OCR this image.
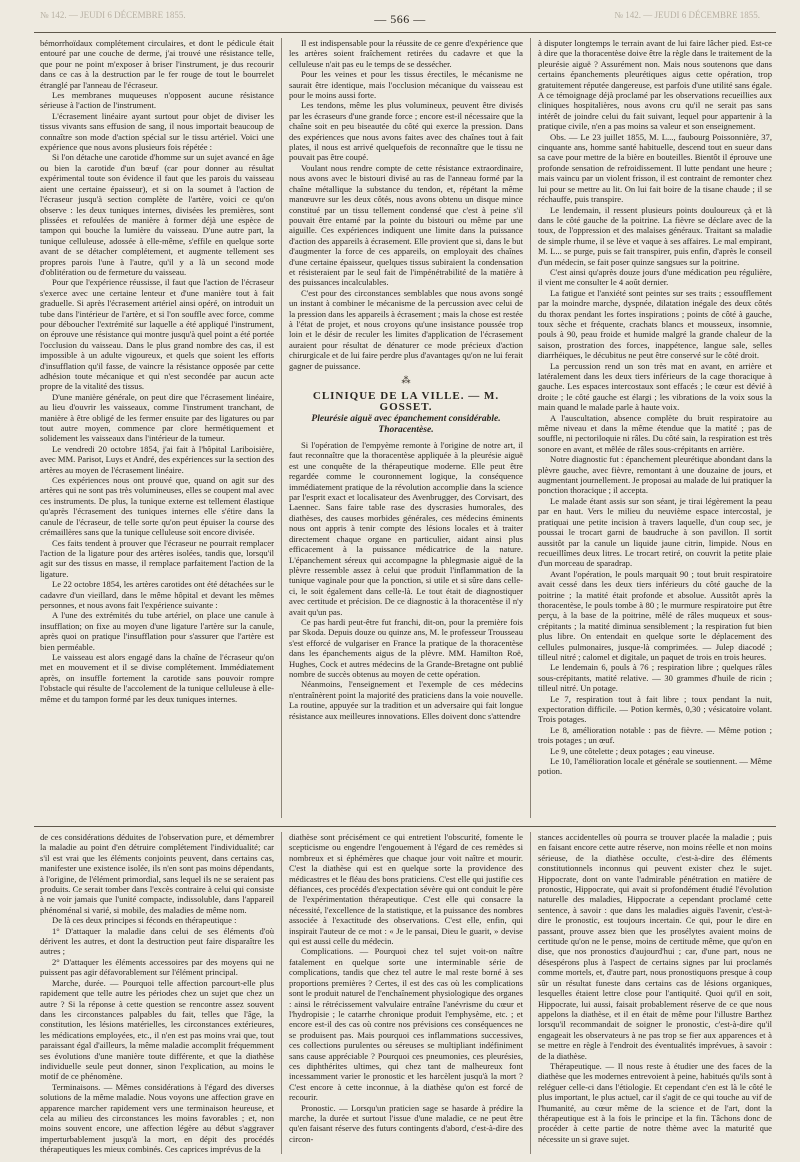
№ 142. — JEUDI 6 DÉCEMBRE 1855.	— 566 —	№ 142. — JEUDI 6 DÉCEMBRE 1855.

bémorrhoïdaux complétement circulaires, et dont le pédicule était entouré par une couche de derme, j'ai trouvé une résistance telle, que pour ne point m'exposer à briser l'instrument, je dus recourir dans ce cas à la destruction par le fer rouge de tout le bourrelet étranglé par l'anneau de l'écraseur.

Les membranes muqueuses n'opposent aucune résistance sérieuse à l'action de l'instrument.

L'écrasement linéaire ayant surtout pour objet de diviser les tissus vivants sans effusion de sang, il nous importait beaucoup de connaître son mode d'action spécial sur le tissu artériel. Voici une expérience que nous avons plusieurs fois répétée :

Si l'on détache une carotide d'homme sur un sujet avancé en âge ou bien la carotide d'un bœuf (car pour donner au résultat expérimental toute son évidence il faut que les parois du vaisseau aient une certaine épaisseur), et si on la soumet à l'action de l'écraseur jusqu'à section complète de l'artère, voici ce qu'on observe : les deux tuniques internes, divisées les premières, sont plissées et refoulées de manière à former déjà une espèce de tampon qui bouche la lumière du vaisseau. D'une autre part, la tunique celluleuse, adossée à elle-même, s'effile en quelque sorte avant de se détacher complétement, et augmente tellement ses propres parois l'une à l'autre, qu'il y a là un second mode d'oblitération ou de fermeture du vaisseau.

Pour que l'expérience réussisse, il faut que l'action de l'écraseur s'exerce avec une certaine lenteur et d'une manière tout à fait graduelle. Si après l'écrasement artériel ainsi opéré, on introduit un tube dans l'intérieur de l'artère, et si l'on souffle avec force, comme pour déboucher l'extrémité sur laquelle a été appliqué l'instrument, on éprouve une résistance qui montre jusqu'à quel point a été portée l'occlusion du vaisseau. Dans le plus grand nombre des cas, il est impossible à un adulte vigoureux, et quels que soient les efforts d'insufflation qu'il fasse, de vaincre la résistance opposée par cette adhésion toute mécanique et qui n'est secondée par aucun acte propre de la vitalité des tissus.

D'une manière générale, on peut dire que l'écrasement linéaire, au lieu d'ouvrir les vaisseaux, comme l'instrument tranchant, de manière à être obligé de les fermer ensuite par des ligatures ou par tout autre moyen, commence par clore hermétiquement et solidement les vaisseaux dans l'intérieur de la tumeur.

Le vendredi 20 octobre 1854, j'ai fait à l'hôpital Lariboisière, avec MM. Parisot, Luys et André, des expériences sur la section des artères au moyen de l'écrasement linéaire.

Ces expériences nous ont prouvé que, quand on agit sur des artères qui ne sont pas très volumineuses, elles se coupent mal avec ces instruments. De plus, la tunique externe est tellement élastique qu'après l'écrasement des tuniques internes elle s'étire dans la canule de l'écraseur, de telle sorte qu'on peut épuiser la course des crémaillères sans que la tunique celluleuse soit encore divisée.

Ces faits tendent à prouver que l'écraseur ne pourrait remplacer l'action de la ligature pour des artères isolées, tandis que, lorsqu'il agit sur des tissus en masse, il remplace parfaitement l'action de la ligature.

Le 22 octobre 1854, les artères carotides ont été détachées sur le cadavre d'un vieillard, dans le même hôpital et devant les mêmes personnes, et nous avons fait l'expérience suivante :

A l'une des extrémités du tube artériel, on place une canule à insufflation; on fixe au moyen d'une ligature l'artère sur la canule, après quoi on pratique l'insufflation pour s'assurer que l'artère est bien perméable.

Le vaisseau est alors engagé dans la chaîne de l'écraseur qu'on met en mouvement et il se divise complétement. Immédiatement après, on insuffle fortement la carotide sans pouvoir rompre l'obstacle qui résulte de l'accolement de la tunique celluleuse à elle-même et du tampon formé par les deux tuniques internes.

Il est indispensable pour la réussite de ce genre d'expérience que les artères soient fraîchement retirées du cadavre et que la celluleuse n'ait pas eu le temps de se dessécher.

Pour les veines et pour les tissus érectiles, le mécanisme ne saurait être identique, mais l'occlusion mécanique du vaisseau est pour le moins aussi forte.

Les tendons, même les plus volumineux, peuvent être divisés par les écraseurs d'une grande force ; encore est-il nécessaire que la chaîne soit en peu biseautée du côté qui exerce la pression. Dans des expériences que nous avons faites avec des chaînes tout à fait plates, il nous est arrivé quelquefois de reconnaître que le tissu ne pouvait pas être coupé.

Voulant nous rendre compte de cette résistance extraordinaire, nous avons avec le bistouri divisé au ras de l'anneau formé par la chaîne métallique la substance du tendon, et, répétant la même manœuvre sur les deux côtés, nous avons obtenu un disque mince constitué par un tissu tellement condensé que c'est à peine s'il pouvait être entamé par la pointe du bistouri ou même par une aiguille. Ces expériences indiquent une limite dans la puissance d'action des appareils à écrasement. Elle provient que si, dans le but d'augmenter la force de ces appareils, on employait des chaînes d'une certaine épaisseur, quelques tissus subiraient la condensation et résisteraient par le seul fait de l'impénétrabilité de la matière à des puissances incalculables.

C'est pour des circonstances semblables que nous avons songé un instant à combiner le mécanisme de la percussion avec celui de la pression dans les appareils à écrasement ; mais la chose est restée à l'état de projet, et nous croyons qu'une insistance poussée trop loin et le désir de reculer les limites d'application de l'écrasement auraient pour résultat de dénaturer ce mode précieux d'action chirurgicale et de lui faire perdre plus d'avantages qu'on ne lui ferait gagner de puissance.

⁂
CLINIQUE DE LA VILLE. — M. GOSSET.
Pleurésie aiguë avec épanchement considérable. Thoracentèse.

Si l'opération de l'empyème remonte à l'origine de notre art, il faut reconnaître que la thoracentèse appliquée à la pleurésie aiguë est une conquête de la thérapeutique moderne. Elle peut être regardée comme le couronnement logique, la conséquence immédiatement pratique de la révolution accomplie dans la science par l'esprit exact et localisateur des Avenbrugger, des Corvisart, des Laennec. Sans faire table rase des dyscrasies humorales, des diathèses, des causes morbides générales, ces médecins éminents nous ont appris à tenir compte des lésions locales et à traiter directement chaque organe en particulier, aidant ainsi plus efficacement à la puissance médicatrice de la nature. L'épanchement séreux qui accompagne la phlegmasie aiguë de la plèvre ressemble assez à celui que produit l'inflammation de la tunique vaginale pour que la ponction, si utile et si sûre dans celle-ci, le soit également dans celle-là. Le tout était de diagnostiquer avec certitude et précision. De ce diagnostic à la thoracentèse il n'y avait qu'un pas.

Ce pas hardi peut-être fut franchi, dit-on, pour la première fois par Skoda. Depuis douze ou quinze ans, M. le professeur Trousseau s'est efforcé de vulgariser en France la pratique de la thoracentèse dans les épanchements aigus de la plèvre. MM. Hamilton Roë, Hughes, Cock et autres médecins de la Grande-Bretagne ont publié nombre de succès obtenus au moyen de cette opération.

Néanmoins, l'enseignement et l'exemple de ces médecins n'entraînèrent point la majorité des praticiens dans la voie nouvelle. La routine, appuyée sur la tradition et un adversaire qui fait longue résistance aux meilleures innovations. Elles doivent donc s'attendre

à disputer longtemps le terrain avant de lui faire lâcher pied. Est-ce à dire que la thoracentèse doive être la règle dans le traitement de la pleurésie aiguë ? Assurément non. Mais nous soutenons que dans certains épanchements pleurétiques aigus cette opération, trop gratuitement réputée dangereuse, est parfois d'une utilité sans égale. A ce témoignage déjà proclamé par les observations recueillies aux cliniques hospitalières, nous avons cru qu'il ne serait pas sans intérêt de joindre celui du fait suivant, lequel pour appartenir à la pratique civile, n'en a pas moins sa valeur et son enseignement.

Obs. — Le 23 juillet 1855, M. L..., faubourg Poissonnière, 37, cinquante ans, homme santé habituelle, descend tout en sueur dans sa cave pour mettre de la bière en bouteilles. Bientôt il éprouve une profonde sensation de refroidissement. Il lutte pendant une heure ; mais vaincu par un violent frisson, il est contraint de remonter chez lui pour se mettre au lit. On lui fait boire de la tisane chaude ; il se réchauffe, puis transpire.

Le lendemain, il ressent plusieurs points douloureux çà et là dans le côté gauche de la poitrine. La fièvre se déclare avec de la toux, de l'oppression et des malaises généraux. Traitant sa maladie de simple rhume, il se lève et vaque à ses affaires. Le mal empirant, M. L... se purge, puis se fait transpirer, puis enfin, d'après le conseil d'un médecin, se fait poser quinze sangsues sur la poitrine.

C'est ainsi qu'après douze jours d'une médication peu régulière, il vient me consulter le 4 août dernier.

La fatigue et l'anxiété sont peintes sur ses traits ; essoufflement par la moindre marche, dyspnée, dilatation inégale des deux côtés du thorax pendant les fortes inspirations ; points de côté à gauche, toux sèche et fréquente, crachats blancs et mousseux, insomnie, pouls à 90, peau froide et humide malgré la grande chaleur de la saison, prostration des forces, inappétence, langue sale, selles diarrhéiques, le décubitus ne peut être conservé sur le côté droit.

La percussion rend un son très mat en avant, en arrière et latéralement dans les deux tiers inférieurs de la cage thoracique à gauche. Les espaces intercostaux sont effacés ; le cœur est dévié à droite ; le côté gauche est élargi ; les vibrations de la voix sous la main quand le malade parle à haute voix.

A l'auscultation, absence complète du bruit respiratoire au même niveau et dans la même étendue que la matité ; pas de souffle, ni pectoriloquie ni râles. Du côté sain, la respiration est très sonore en avant, et mêlée de râles sous-crépitants en arrière.

Notre diagnostic fut : épanchement pleurétique abondant dans la plèvre gauche, avec fièvre, remontant à une douzaine de jours, et augmentant journellement. Je proposai au malade de lui pratiquer la ponction thoracique ; il accepta.

Le malade étant assis sur son séant, je tirai légèrement la peau par en haut. Vers le milieu du neuvième espace intercostal, je pratiquai une petite incision à travers laquelle, d'un coup sec, je poussai le trocart garni de baudruche à son pavillon. Il sortit aussitôt par la canule un liquide jaune citrin, limpide. Nous en recueillîmes deux litres. Le trocart retiré, on couvrit la petite plaie d'un morceau de sparadrap.

Avant l'opération, le pouls marquait 90 ; tout bruit respiratoire avait cessé dans les deux tiers inférieurs du côté gauche de la poitrine ; la matité était profonde et absolue. Aussitôt après la thoracentèse, le pouls tombe à 80 ; le murmure respiratoire put être perçu, à la base de la poitrine, mêlé de râles muqueux et sous-crépitants ; la matité diminua sensiblement ; la respiration fut bien plus libre. On entendait en quelque sorte le déplacement des cellules pulmonaires, jusque-là comprimées. — Julep diacodé ; tilleul nitré ; calomel et digitale, un paquet de trois en trois heures.

Le lendemain 6, pouls à 76 ; respiration libre ; quelques râles sous-crépitants, matité relative. — 30 grammes d'huile de ricin ; tilleul nitré. Un potage.

Le 7, respiration tout à fait libre ; toux pendant la nuit, expectoration difficile. — Potion kermès, 0,30 ; vésicatoire volant. Trois potages.

Le 8, amélioration notable : pas de fièvre. — Même potion ; trois potages ; un œuf.

Le 9, une côtelette ; deux potages ; eau vineuse.

Le 10, l'amélioration locale et générale se soutiennent. — Même potion.

de ces considérations déduites de l'observation pure, et démembrer la maladie au point d'en détruire complétement l'individualité; car s'il est vrai que les éléments conjoints peuvent, dans certains cas, manifester une existence isolée, ils n'en sont pas moins dépendants, à l'origine, de l'élément primordial, sans lequel ils ne se seraient pas produits. Ce serait tomber dans l'excès contraire à celui qui consiste à ne voir jamais que l'unité compacte, indissoluble, dans l'appareil phénoménal si varié, si mobile, des maladies de même nom.

De là ces deux principes si féconds en thérapeutique :

1° D'attaquer la maladie dans celui de ses éléments d'où dérivent les autres, et dont la destruction peut faire disparaître les autres ;

2° D'attaquer les éléments accessoires par des moyens qui ne puissent pas agir défavorablement sur l'élément principal.

Marche, durée. — Pourquoi telle affection parcourt-elle plus rapidement que telle autre les périodes chez un sujet que chez un autre ? Si la réponse à cette question se rencontre assez souvent dans les circonstances palpables du fait, telles que l'âge, la constitution, les lésions matérielles, les circonstances extérieures, les médications employées, etc., il n'en est pas moins vrai que, tout paraissant égal d'ailleurs, la même maladie accomplit fréquemment ses évolutions d'une manière toute différente, et que la diathèse individuelle seule peut donner, sinon l'explication, au moins le motif de ce phénomène.

Terminaisons. — Mêmes considérations à l'égard des diverses solutions de la même maladie. Nous voyons une affection grave en apparence marcher rapidement vers une terminaison heureuse, et cela au milieu des circonstances les moins favorables ; et, non moins souvent encore, une affection légère au début s'aggraver imperturbablement jusqu'à la mort, en dépit des procédés thérapeutiques les mieux combinés. Ces caprices imprévus de la

diathèse sont précisément ce qui entretient l'obscurité, fomente le scepticisme ou engendre l'engouement à l'égard de ces remèdes si nombreux et si éphémères que chaque jour voit naître et mourir. C'est la diathèse qui est en quelque sorte la providence des médicastres et le fléau des bons praticiens. C'est elle qui justifie ces défiances, ces procédés d'expectation sévère qui ont conduit le père de l'expérimentation thérapeutique. C'est elle qui consacre la nécessité, l'excellence de la statistique, et la puissance des nombres associée à l'exactitude des observations. C'est elle, enfin, qui inspirait l'auteur de ce mot : « Je le pansai, Dieu le guarit, » devise qui est aussi celle du médecin.

Complications. — Pourquoi chez tel sujet voit-on naître fatalement en quelque sorte une interminable série de complications, tandis que chez tel autre le mal reste borné à ses proportions premières ? Certes, il est des cas où les complications sont le produit naturel de l'enchaînement physiologique des organes : ainsi le rétrécissement valvulaire entraîne l'anévrisme du cœur et l'hydropisie ; le catarrhe chronique produit l'emphysème, etc. ; et encore est-il des cas où contre nos prévisions ces conséquences ne se produisent pas. Mais pourquoi ces inflammations successives, ces collections purulentes ou séreuses se multipliant indéfiniment sans cause appréciable ? Pourquoi ces pneumonies, ces pleurésies, ces diphthérites ultimes, qui chez tant de malheureux font incessamment varier le pronostic et les harcèlent jusqu'à la mort ? C'est encore à cette inconnue, à la diathèse qu'on est forcé de recourir.

Pronostic. — Lorsqu'un praticien sage se hasarde à prédire la marche, la durée et surtout l'issue d'une maladie, ce ne peut être qu'en faisant réserve des futurs contingents d'abord, c'est-à-dire des circon-

stances accidentelles où pourra se trouver placée la maladie ; puis en faisant encore cette autre réserve, non moins réelle et non moins sérieuse, de la diathèse occulte, c'est-à-dire des éléments constitutionnels inconnus qui peuvent exister chez le sujet. Hippocrate, dont on vante l'admirable pénétration en matière de pronostic, Hippocrate, qui avait si profondément étudié l'évolution naturelle des maladies, Hippocrate a cependant proclamé cette sentence, à savoir : que dans les maladies aiguës l'avenir, c'est-à-dire le pronostic, est toujours incertain. Ce qui, pour le dire en passant, prouve assez bien que les prosélytes avaient moins de certitude qu'on ne le pense, moins de certitude même, que qu'on en dise, que nos pronostics d'aujourd'hui ; car, d'une part, nous ne désespérons plus à l'aspect de certains signes par lui proclamés comme mortels, et, d'autre part, nous pronostiquons presque à coup sûr un résultat funeste dans certains cas de lésions organiques, lesquelles étaient lettre close pour l'antiquité. Quoi qu'il en soit, Hippocrate, lui aussi, faisait probablement réserve de ce que nous appelons la diathèse, et il en était de même pour l'illustre Barthez lorsqu'il recommandait de soigner le pronostic, c'est-à-dire qu'il engageait les observateurs à ne pas trop se fier aux apparences et à se mettre en règle à l'endroit des éventualités imprévues, à savoir : de la diathèse.

Thérapeutique. — Il nous reste à étudier une des faces de la diathèse que les modernes entrevoient à peine, habitués qu'ils sont à reléguer celle-ci dans l'étiologie. Et cependant c'en est là le côté le plus important, le plus actuel, car il s'agit de ce qui touche au vif de l'humanité, au cœur même de la science et de l'art, dont la thérapeutique est à la fois le principe et la fin. Tâchons donc de procéder à cette partie de notre thème avec la maturité que nécessite un si grave sujet.
